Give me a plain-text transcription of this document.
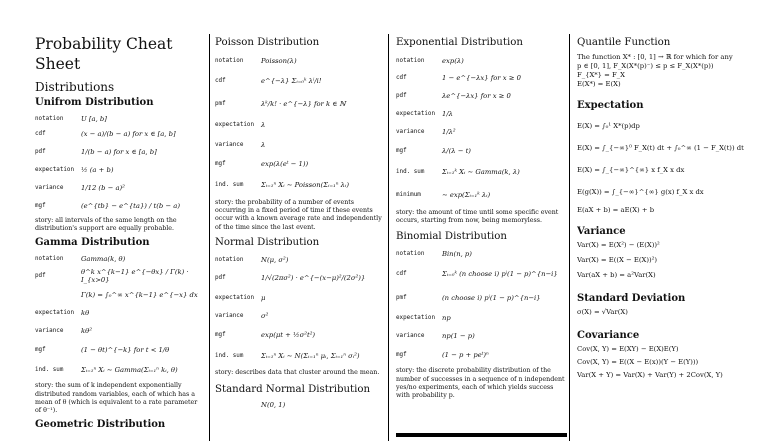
Probability Cheat Sheet
Distributions
Unifrom Distribution
notation	U [a, b]
cdf	(x − a)/(b − a) for x ∈ [a, b]
pdf	1/(b − a) for x ∈ [a, b]
expectation	½ (a + b)
variance	1/12 (b − a)²
mgf	(e^{tb} − e^{ta}) / t(b − a)
story: all intervals of the same length on the distribution's support are equally probable.
Gamma Distribution
notation	Gamma(k, θ)
pdf	θ^k x^{k−1} e^{−θx} / Γ(k) · I_{x>0}
Γ(k) = ∫₀^∞ x^{k−1} e^{−x} dx
expectation	kθ
variance	kθ²
mgf	(1 − θt)^{−k} for t < 1/θ
ind. sum	Σᵢ₌₁ⁿ Xᵢ ∼ Gamma(Σᵢ₌₁ⁿ kᵢ, θ)
story: the sum of k independent exponentially distributed random variables, each of which has a mean of θ (which is equivalent to a rate parameter of θ⁻¹).
Geometric Distribution
Poisson Distribution
notation	Poisson(λ)
cdf	e^{−λ} Σᵢ₌₀ᵏ λⁱ/i!
pmf	λᵏ/k! · e^{−λ} for k ∈ ℕ
expectation	λ
variance	λ
mgf	exp(λ(eᵗ − 1))
ind. sum	Σᵢ₌₁ⁿ Xᵢ ∼ Poisson(Σᵢ₌₁ⁿ λᵢ)
story: the probability of a number of events occurring in a fixed period of time if these events occur with a known average rate and independently of the time since the last event.
Normal Distribution
notation	N(μ, σ²)
pdf	1/√(2πσ²) · e^{−(x−μ)²/(2σ²)}
expectation	μ
variance	σ²
mgf	exp(μt + ½σ²t²)
ind. sum	Σᵢ₌₁ⁿ Xᵢ ∼ N(Σᵢ₌₁ⁿ μᵢ, Σᵢ₌₁ⁿ σᵢ²)
story: describes data that cluster around the mean.
Standard Normal Distribution
N(0, 1)
Exponential Distribution
notation	exp(λ)
cdf	1 − e^{−λx} for x ≥ 0
pdf	λe^{−λx} for x ≥ 0
expectation	1/λ
variance	1/λ²
mgf	λ/(λ − t)
ind. sum	Σᵢ₌₁ᵏ Xᵢ ∼ Gamma(k, λ)
minimum	∼ exp(Σᵢ₌₁ᵏ λᵢ)
story: the amount of time until some specific event occurs, starting from now, being memoryless.
Binomial Distribution
notation	Bin(n, p)
cdf	Σᵢ₌₀ᵏ (n choose i) pⁱ(1 − p)^{n−i}
pmf	(n choose i) pⁱ(1 − p)^{n−i}
expectation	np
variance	np(1 − p)
mgf	(1 − p + peᵗ)ⁿ
story: the discrete probability distribution of the number of successes in a sequence of n independent yes/no experiments, each of which yields success with probability p.
Quantile Function
The function X* : [0, 1] → ℝ for which for any
p ∈ [0, 1], F_X(X*(p)⁻) ≤ p ≤ F_X(X*(p))
F_{X*} = F_X
E(X*) = E(X)
Expectation
E(X) = ∫₀¹ X*(p)dp
E(X) = ∫_{−∞}⁰ F_X(t) dt + ∫₀^∞ (1 − F_X(t)) dt
E(X) = ∫_{−∞}^{∞} x f_X x dx
E(g(X)) = ∫_{−∞}^{∞} g(x) f_X x dx
E(aX + b) = aE(X) + b
Variance
Var(X) = E(X²) − (E(X))²
Var(X) = E((X − E(X))²)
Var(aX + b) = a²Var(X)
Standard Deviation
σ(X) = √Var(X)
Covariance
Cov(X, Y) = E(XY) − E(X)E(Y)
Cov(X, Y) = E((X − E(x))(Y − E(Y)))
Var(X + Y) = Var(X) + Var(Y) + 2Cov(X, Y)
